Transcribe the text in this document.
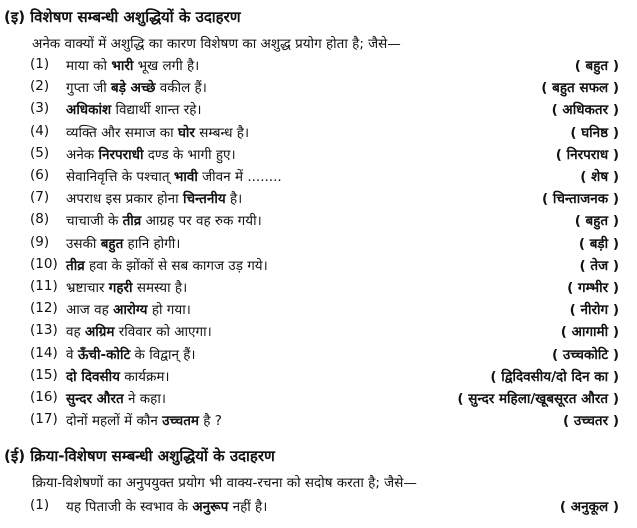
(इ) विशेषण सम्बन्धी अशुद्धियों के उदाहरण
अनेक वाक्यों में अशुद्धि का कारण विशेषण का अशुद्ध प्रयोग होता है; जैसे—
(1) माया को भारी भूख लगी है।	( बहुत )
(2) गुप्ता जी बड़े अच्छे वकील हैं।	( बहुत सफल )
(3) अधिकांश विद्यार्थी शान्त रहे।	( अधिकतर )
(4) व्यक्ति और समाज का घोर सम्बन्ध है।	( घनिष्ठ )
(5) अनेक निरपराधी दण्ड के भागी हुए।	( निरपराध )
(6) सेवानिवृत्ति के पश्चात् भावी जीवन में ........	( शेष )
(7) अपराध इस प्रकार होना चिन्तनीय है।	( चिन्ताजनक )
(8) चाचाजी के तीव्र आग्रह पर वह रुक गयी।	( बहुत )
(9) उसकी बहुत हानि होगी।	( बड़ी )
(10) तीव्र हवा के झोंकों से सब कागज उड़ गये।	( तेज )
(11) भ्रष्टाचार गहरी समस्या है।	( गम्भीर )
(12) आज वह आरोग्य हो गया।	( नीरोग )
(13) वह अग्रिम रविवार को आएगा।	( आगामी )
(14) वे ऊँची-कोटि के विद्वान् हैं।	( उच्चकोटि )
(15) दो दिवसीय कार्यक्रम।	( द्विदिवसीय/दो दिन का )
(16) सुन्दर औरत ने कहा।	( सुन्दर महिला/खूबसूरत औरत )
(17) दोनों महलों में कौन उच्चतम है ?	( उच्चतर )
(ई) क्रिया-विशेषण सम्बन्धी अशुद्धियों के उदाहरण
क्रिया-विशेषणों का अनुपयुक्त प्रयोग भी वाक्य-रचना को सदोष करता है; जैसे—
(1) यह पिताजी के स्वभाव के अनुरूप नहीं है।	( अनुकूल )
